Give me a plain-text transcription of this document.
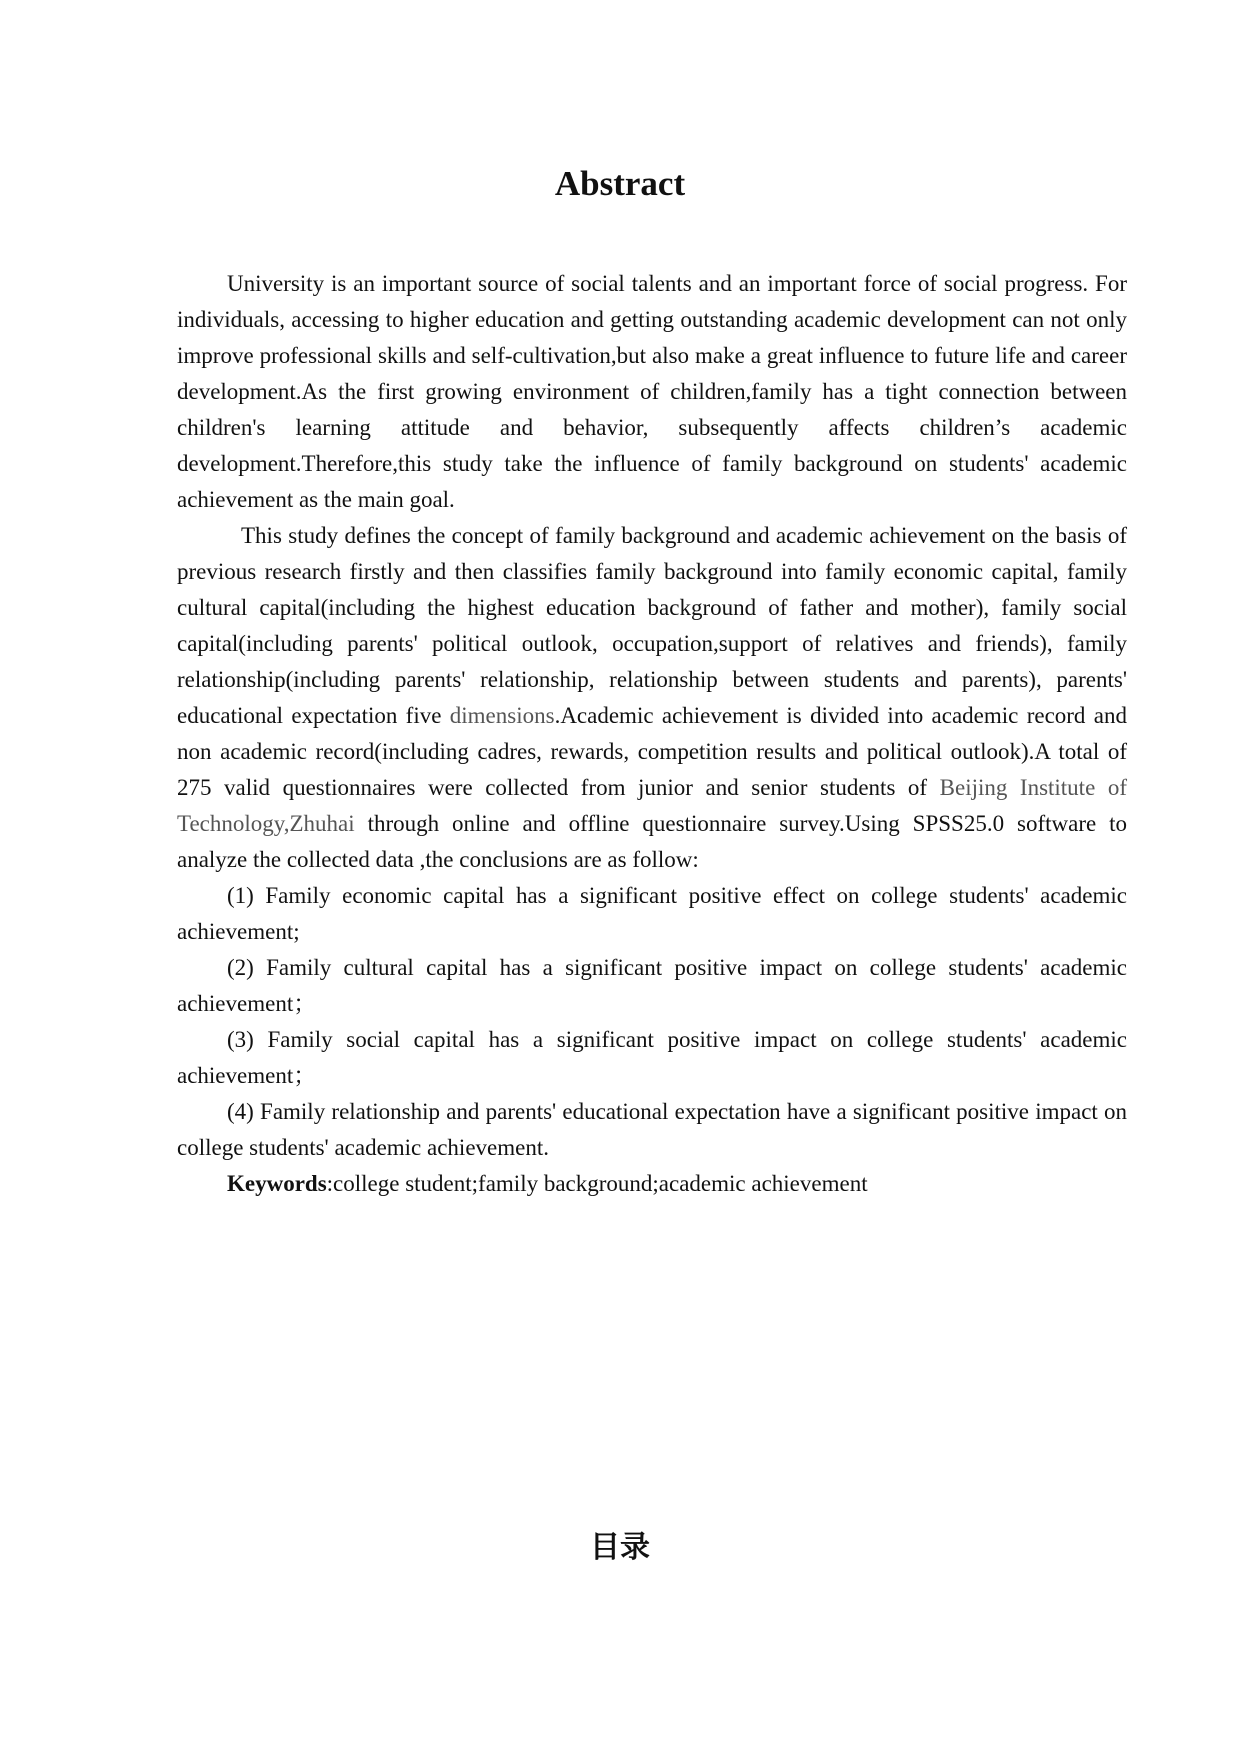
Abstract

University is an important source of social talents and an important force of social progress. For individuals, accessing to higher education and getting outstanding academic development can not only improve professional skills and self-cultivation,but also make a great influence to future life and career development.As the first growing environment of children,family has a tight connection between children's learning attitude and behavior, subsequently affects children’s academic development.Therefore,this study take the influence of family background on students' academic achievement as the main goal.

This study defines the concept of family background and academic achievement on the basis of previous research firstly and then classifies family background into family economic capital, family cultural capital(including the highest education background of father and mother), family social capital(including parents' political outlook, occupation,support of relatives and friends), family relationship(including parents' relationship, relationship between students and parents), parents' educational expectation five dimensions.Academic achievement is divided into academic record and non academic record(including cadres, rewards, competition results and political outlook).A total of 275 valid questionnaires were collected from junior and senior students of Beijing Institute of Technology,Zhuhai through online and offline questionnaire survey.Using SPSS25.0 software to analyze the collected data ,the conclusions are as follow:

(1) Family economic capital has a significant positive effect on college students' academic achievement;

(2) Family cultural capital has a significant positive impact on college students' academic achievement；

(3) Family social capital has a significant positive impact on college students' academic achievement；

(4) Family relationship and parents' educational expectation have a significant positive impact on college students' academic achievement.

Keywords:college student;family background;academic achievement

目录
